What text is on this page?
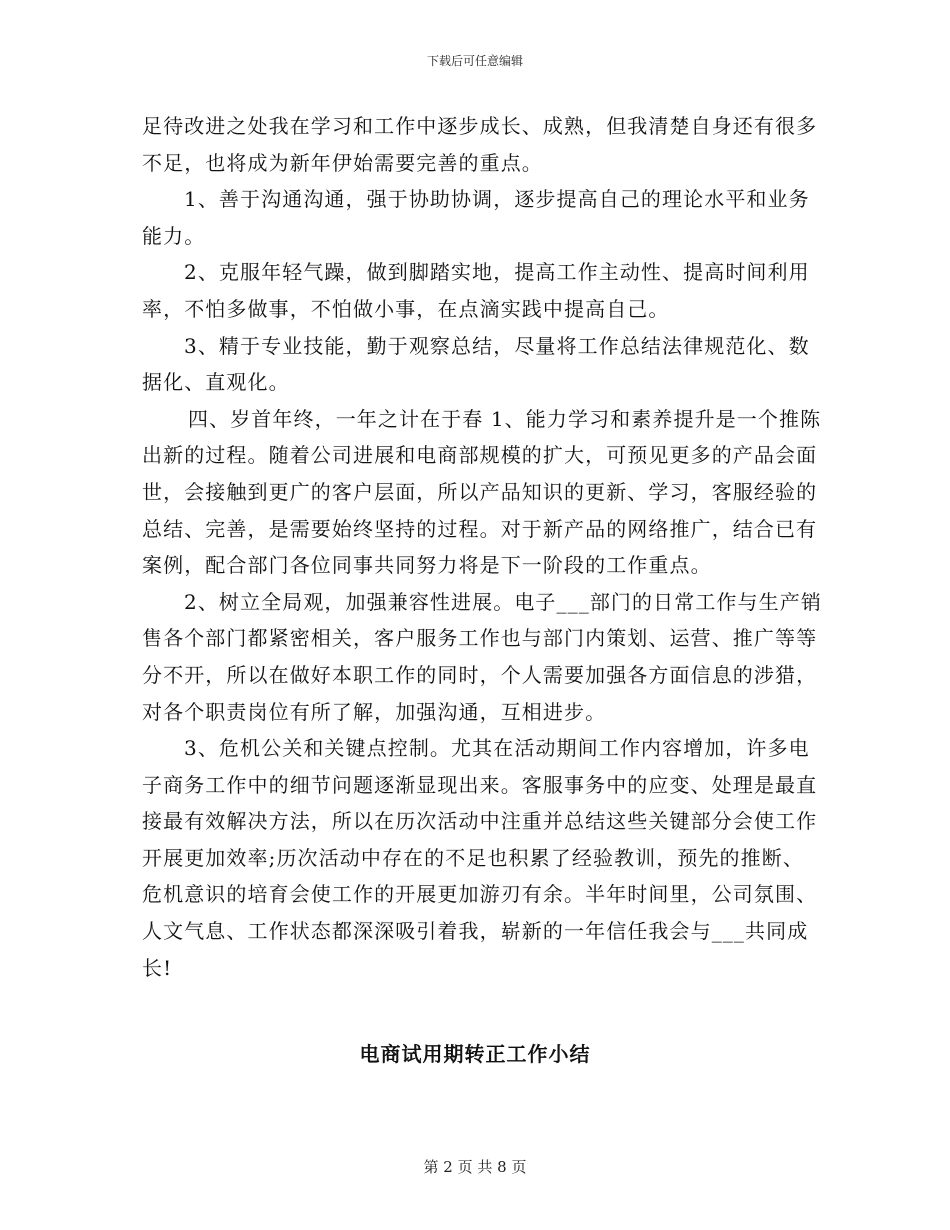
下载后可任意编辑

足待改进之处我在学习和工作中逐步成长、成熟，但我清楚自身还有很多不足，也将成为新年伊始需要完善的重点。

1、善于沟通沟通，强于协助协调，逐步提高自己的理论水平和业务能力。

2、克服年轻气躁，做到脚踏实地，提高工作主动性、提高时间利用率，不怕多做事，不怕做小事，在点滴实践中提高自己。

3、精于专业技能，勤于观察总结，尽量将工作总结法律规范化、数据化、直观化。

四、岁首年终，一年之计在于春 1、能力学习和素养提升是一个推陈出新的过程。随着公司进展和电商部规模的扩大，可预见更多的产品会面世，会接触到更广的客户层面，所以产品知识的更新、学习，客服经验的总结、完善，是需要始终坚持的过程。对于新产品的网络推广，结合已有案例，配合部门各位同事共同努力将是下一阶段的工作重点。

2、树立全局观，加强兼容性进展。电子___部门的日常工作与生产销售各个部门都紧密相关，客户服务工作也与部门内策划、运营、推广等等分不开，所以在做好本职工作的同时，个人需要加强各方面信息的涉猎，对各个职责岗位有所了解，加强沟通，互相进步。

3、危机公关和关键点控制。尤其在活动期间工作内容增加，许多电子商务工作中的细节问题逐渐显现出来。客服事务中的应变、处理是最直接最有效解决方法，所以在历次活动中注重并总结这些关键部分会使工作开展更加效率;历次活动中存在的不足也积累了经验教训，预先的推断、危机意识的培育会使工作的开展更加游刃有余。半年时间里，公司氛围、人文气息、工作状态都深深吸引着我，崭新的一年信任我会与___共同成长!

电商试用期转正工作小结
第 2 页 共 8 页
